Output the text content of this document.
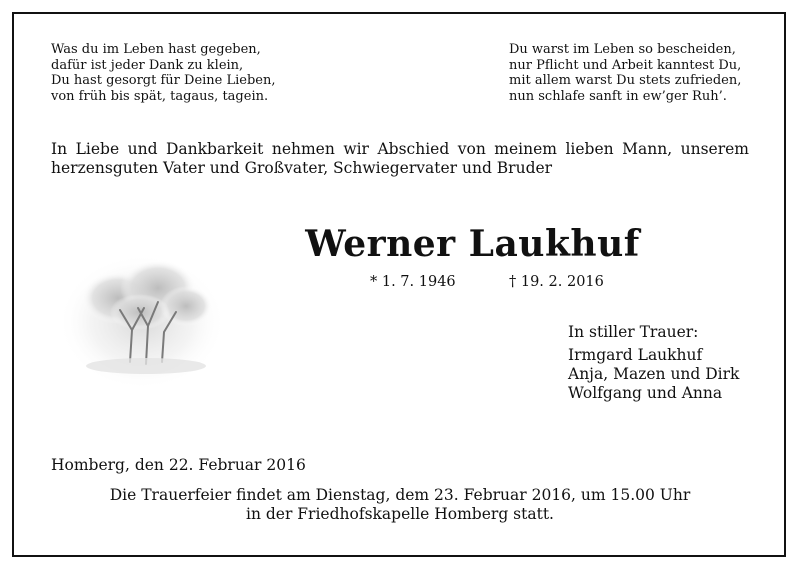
Was du im Leben hast gegeben,
dafür ist jeder Dank zu klein,
Du hast gesorgt für Deine Lieben,
von früh bis spät, tagaus, tagein.
Du warst im Leben so bescheiden,
nur Pflicht und Arbeit kanntest Du,
mit allem warst Du stets zufrieden,
nun schlafe sanft in ew’ger Ruh’.
In Liebe und Dankbarkeit nehmen wir Abschied von meinem lieben Mann, unserem
herzensguten Vater und Großvater, Schwiegervater und Bruder
Werner Laukhuf
* 1. 7. 1946	† 19. 2. 2016
In stiller Trauer:
Irmgard Laukhuf
Anja, Mazen und Dirk
Wolfgang und Anna
Homberg, den 22. Februar 2016
Die Trauerfeier findet am Dienstag, dem 23. Februar 2016, um 15.00 Uhr
in der Friedhofskapelle Homberg statt.
